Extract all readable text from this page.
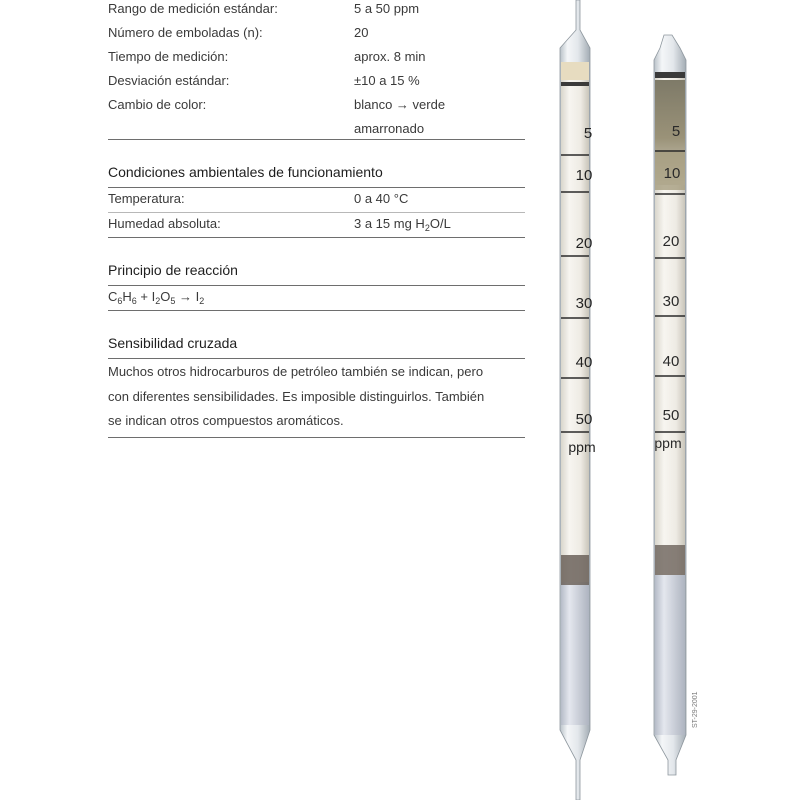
Rango de medición estándar:	5 a 50 ppm
Número de emboladas (n):	20
Tiempo de medición:	aprox. 8 min
Desviación estándar:	±10 a 15 %
Cambio de color:	blanco → verde
amarronado
Condiciones ambientales de funcionamiento
Temperatura:	0 a 40 °C
Humedad absoluta:	3 a 15 mg $H_2O/L$
Principio de reacción
$C_6H_6 + I_2O_5 \to I_2$
Sensibilidad cruzada
Muchos otros hidrocarburos de petróleo también se indican, pero
con diferentes sensibilidades. Es imposible distinguirlos. También
se indican otros compuestos aromáticos.
5
10
20
30
40
50
ppm
5
10
20
30
40
50
ppm
ST-29-2001
